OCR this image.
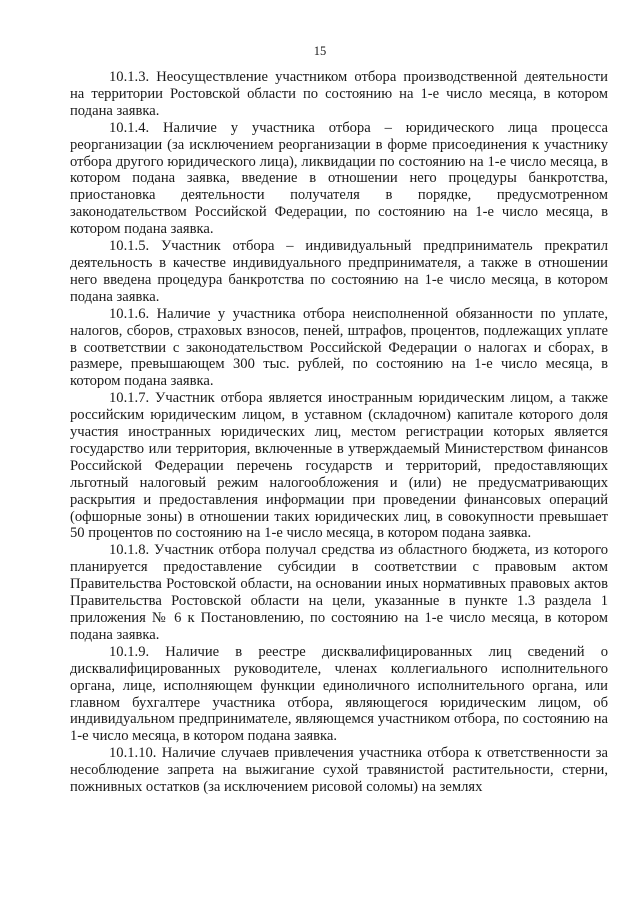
15

10.1.3. Неосуществление участником отбора производственной деятельности на территории Ростовской области по состоянию на 1-е число месяца, в котором подана заявка.

10.1.4. Наличие у участника отбора – юридического лица процесса реорганизации (за исключением реорганизации в форме присоединения к участнику отбора другого юридического лица), ликвидации по состоянию на 1-е число месяца, в котором подана заявка, введение в отношении него процедуры банкротства, приостановка деятельности получателя в порядке, предусмотренном законодательством Российской Федерации, по состоянию на 1-е число месяца, в котором подана заявка.

10.1.5. Участник отбора – индивидуальный предприниматель прекратил деятельность в качестве индивидуального предпринимателя, а также в отношении него введена процедура банкротства по состоянию на 1-е число месяца, в котором подана заявка.

10.1.6. Наличие у участника отбора неисполненной обязанности по уплате, налогов, сборов, страховых взносов, пеней, штрафов, процентов, подлежащих уплате в соответствии с законодательством Российской Федерации о налогах и сборах, в размере, превышающем 300 тыс. рублей, по состоянию на 1-е число месяца, в котором подана заявка.

10.1.7. Участник отбора является иностранным юридическим лицом, а также российским юридическим лицом, в уставном (складочном) капитале которого доля участия иностранных юридических лиц, местом регистрации которых является государство или территория, включенные в утверждаемый Министерством финансов Российской Федерации перечень государств и территорий, предоставляющих льготный налоговый режим налогообложения и (или) не предусматривающих раскрытия и предоставления информации при проведении финансовых операций (офшорные зоны) в отношении таких юридических лиц, в совокупности превышает 50 процентов по состоянию на 1-е число месяца, в котором подана заявка.

10.1.8. Участник отбора получал средства из областного бюджета, из которого планируется предоставление субсидии в соответствии с правовым актом Правительства Ростовской области, на основании иных нормативных правовых актов Правительства Ростовской области на цели, указанные в пункте 1.3 раздела 1 приложения № 6 к Постановлению, по состоянию на 1-е число месяца, в котором подана заявка.

10.1.9. Наличие в реестре дисквалифицированных лиц сведений о дисквалифицированных руководителе, членах коллегиального исполнительного органа, лице, исполняющем функции единоличного исполнительного органа, или главном бухгалтере участника отбора, являющегося юридическим лицом, об индивидуальном предпринимателе, являющемся участником отбора, по состоянию на 1-е число месяца, в котором подана заявка.

10.1.10. Наличие случаев привлечения участника отбора к ответственности за несоблюдение запрета на выжигание сухой травянистой растительности, стерни, пожнивных остатков (за исключением рисовой соломы) на землях
